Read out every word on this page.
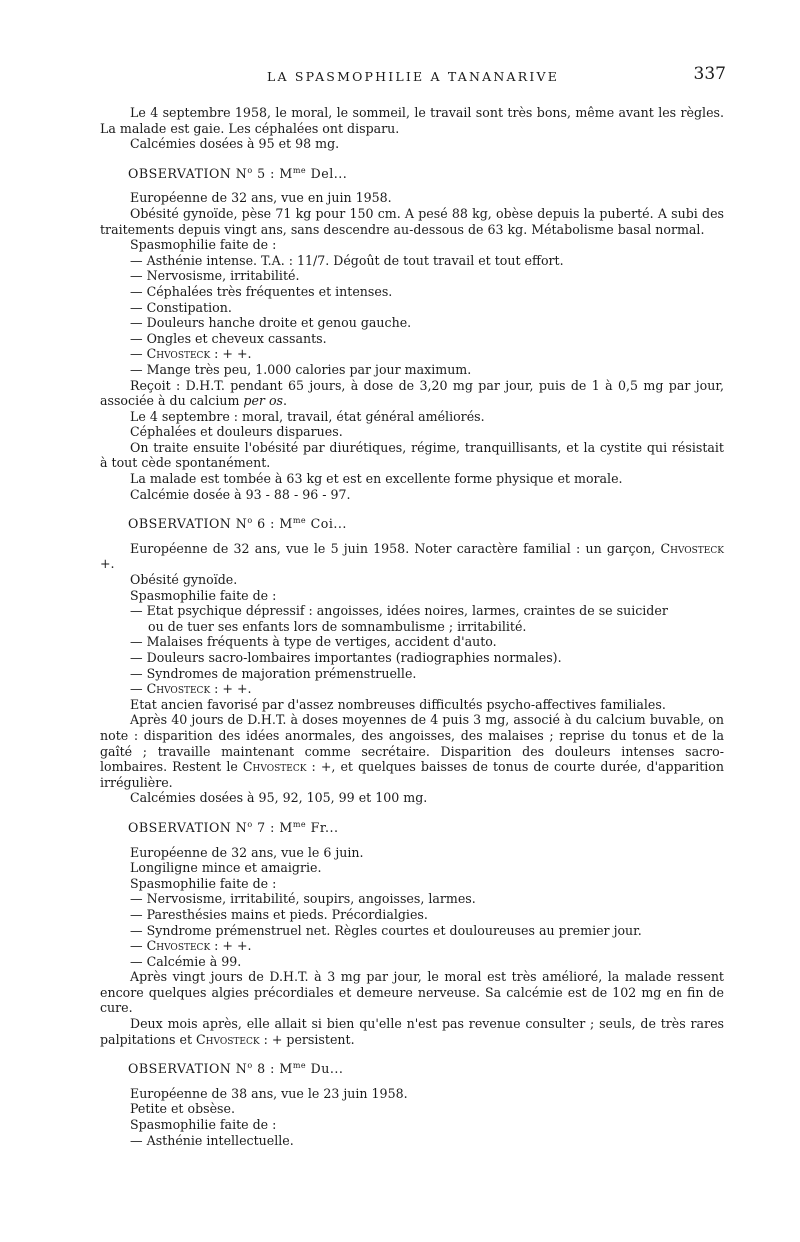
LA SPASMOPHILIE A TANANARIVE	337

Le 4 septembre 1958, le moral, le sommeil, le travail sont très bons, même avant les règles. La malade est gaie. Les céphalées ont disparu.

Calcémies dosées à 95 et 98 mg.

OBSERVATION $N^o$ 5 : $M^{me}$ Del...

Européenne de 32 ans, vue en juin 1958.

Obésité gynoïde, pèse 71 kg pour 150 cm. A pesé 88 kg, obèse depuis la puberté. A subi des traitements depuis vingt ans, sans descendre au-dessous de 63 kg. Métabolisme basal normal.

Spasmophilie faite de :

— Asthénie intense. T.A. : 11/7. Dégoût de tout travail et tout effort.

— Nervosisme, irritabilité.

— Céphalées très fréquentes et intenses.

— Constipation.

— Douleurs hanche droite et genou gauche.

— Ongles et cheveux cassants.

— Chvosteck : + +.

— Mange très peu, 1.000 calories par jour maximum.

Reçoit : D.H.T. pendant 65 jours, à dose de 3,20 mg par jour, puis de 1 à 0,5 mg par jour, associée à du calcium per os.

Le 4 septembre : moral, travail, état général améliorés.

Céphalées et douleurs disparues.

On traite ensuite l'obésité par diurétiques, régime, tranquillisants, et la cystite qui résistait à tout cède spontanément.

La malade est tombée à 63 kg et est en excellente forme physique et morale.

Calcémie dosée à 93 - 88 - 96 - 97.

OBSERVATION $N^o$ 6 : $M^{me}$ Coi...

Européenne de 32 ans, vue le 5 juin 1958. Noter caractère familial : un garçon, Chvosteck +.

Obésité gynoïde.

Spasmophilie faite de :

— Etat psychique dépressif : angoisses, idées noires, larmes, craintes de se suicider

ou de tuer ses enfants lors de somnambulisme ; irritabilité.

— Malaises fréquents à type de vertiges, accident d'auto.

— Douleurs sacro-lombaires importantes (radiographies normales).

— Syndromes de majoration prémenstruelle.

— Chvosteck : + +.

Etat ancien favorisé par d'assez nombreuses difficultés psycho-affectives familiales.

Après 40 jours de D.H.T. à doses moyennes de 4 puis 3 mg, associé à du calcium buvable, on note : disparition des idées anormales, des angoisses, des malaises ; reprise du tonus et de la gaîté ; travaille maintenant comme secrétaire. Disparition des douleurs intenses sacro-lombaires. Restent le Chvosteck : +, et quelques baisses de tonus de courte durée, d'apparition irrégulière.

Calcémies dosées à 95, 92, 105, 99 et 100 mg.

OBSERVATION $N^o$ 7 : $M^{me}$ Fr...

Européenne de 32 ans, vue le 6 juin.

Longiligne mince et amaigrie.

Spasmophilie faite de :

— Nervosisme, irritabilité, soupirs, angoisses, larmes.

— Paresthésies mains et pieds. Précordialgies.

— Syndrome prémenstruel net. Règles courtes et douloureuses au premier jour.

— Chvosteck : + +.

— Calcémie à 99.

Après vingt jours de D.H.T. à 3 mg par jour, le moral est très amélioré, la malade ressent encore quelques algies précordiales et demeure nerveuse. Sa calcémie est de 102 mg en fin de cure.

Deux mois après, elle allait si bien qu'elle n'est pas revenue consulter ; seuls, de très rares palpitations et Chvosteck : + persistent.

OBSERVATION $N^o$ 8 : $M^{me}$ Du...

Européenne de 38 ans, vue le 23 juin 1958.

Petite et obsèse.

Spasmophilie faite de :

— Asthénie intellectuelle.
